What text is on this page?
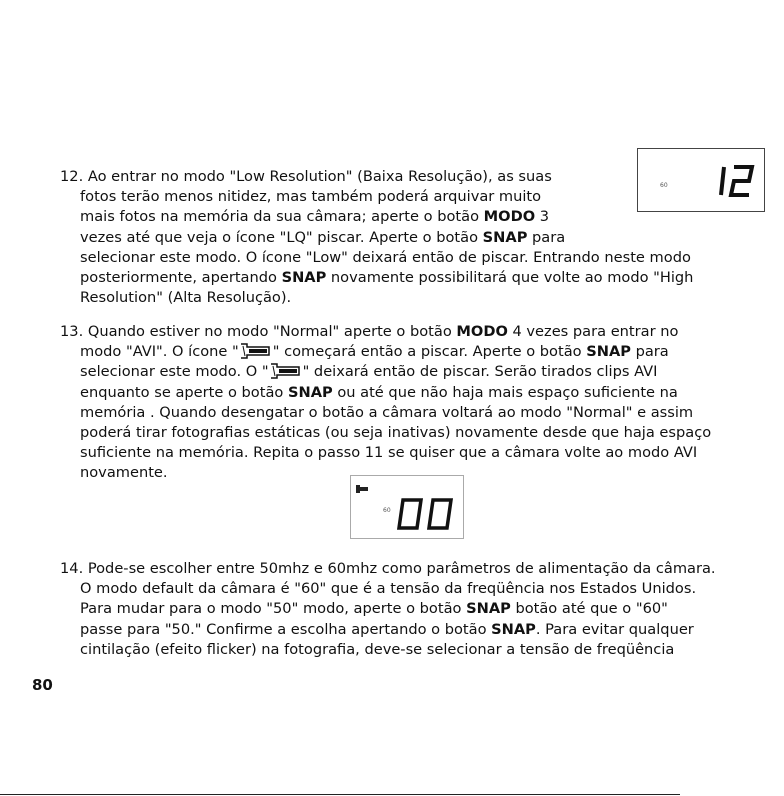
12. Ao entrar no modo "Low Resolution" (Baixa Resolução), as suas
fotos terão menos nitidez, mas também poderá arquivar muito
mais fotos na memória da sua câmara; aperte o botão MODO 3
vezes até que veja o ícone "LQ" piscar. Aperte o botão SNAP para
selecionar este modo. O ícone "Low" deixará então de piscar. Entrando neste modo
posteriormente, apertando SNAP novamente possibilitará que volte ao modo "High
Resolution" (Alta Resolução).
60
13. Quando estiver no modo "Normal" aperte o botão MODO 4 vezes para entrar no
modo "AVI". O ícone " " começará então a piscar. Aperte o botão SNAP para
selecionar este modo. O " " deixará então de piscar. Serão tirados clips AVI
enquanto se aperte o botão SNAP ou até que não haja mais espaço suficiente na
memória . Quando desengatar o botão a câmara voltará ao modo "Normal" e assim
poderá tirar fotografias estáticas (ou seja inativas) novamente desde que haja espaço
suficiente na memória. Repita o passo 11 se quiser que a câmara volte ao modo AVI
novamente.
60
14. Pode-se escolher entre 50mhz e 60mhz como parâmetros de alimentação da câmara.
O modo default da câmara é "60" que é a tensão da freqüência nos Estados Unidos.
Para mudar para o modo "50" modo, aperte o botão SNAP botão até que o "60"
passe para "50." Confirme a escolha apertando o botão SNAP. Para evitar qualquer
cintilação (efeito flicker) na fotografia, deve-se selecionar a tensão de freqüência
80
